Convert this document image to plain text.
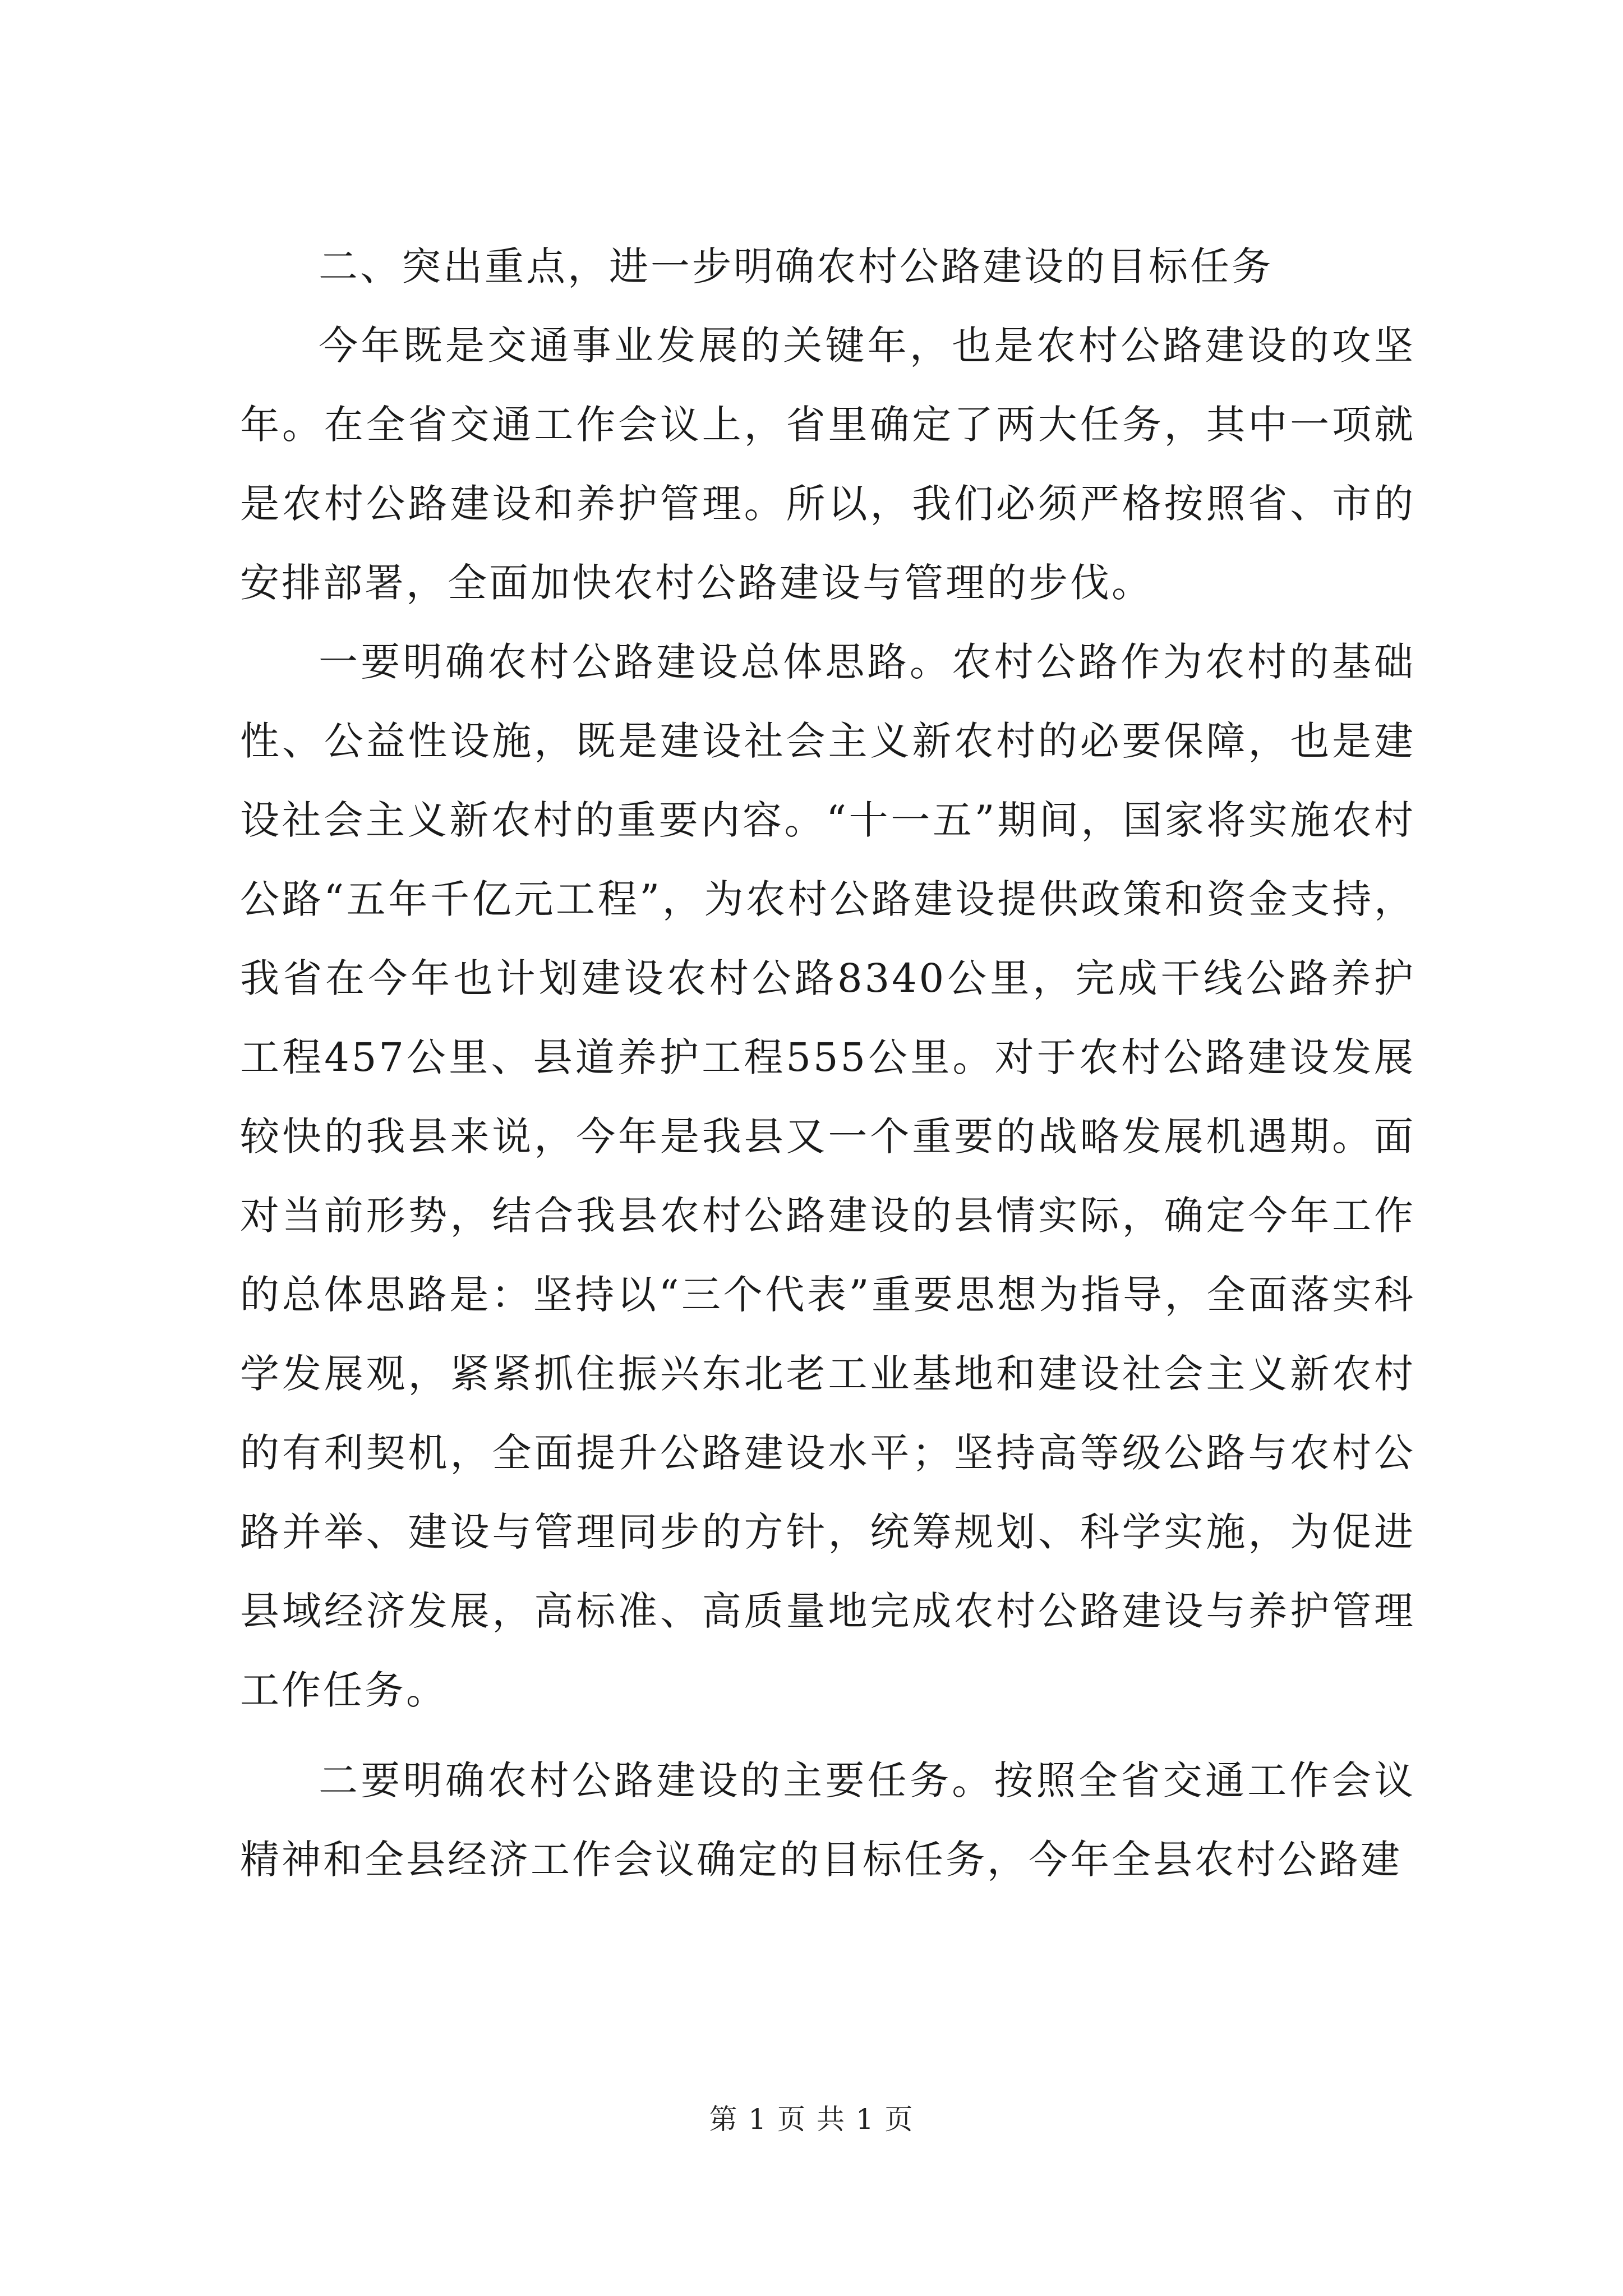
二、突出重点，进一步明确农村公路建设的目标任务

今年既是交通事业发展的关键年，也是农村公路建设的攻坚年。在全省交通工作会议上，省里确定了两大任务，其中一项就是农村公路建设和养护管理。所以，我们必须严格按照省、市的安排部署，全面加快农村公路建设与管理的步伐。

一要明确农村公路建设总体思路。农村公路作为农村的基础性、公益性设施，既是建设社会主义新农村的必要保障，也是建设社会主义新农村的重要内容。“十一五”期间，国家将实施农村公路“五年千亿元工程”，为农村公路建设提供政策和资金支持，我省在今年也计划建设农村公路8340公里，完成干线公路养护工程457公里、县道养护工程555公里。对于农村公路建设发展较快的我县来说，今年是我县又一个重要的战略发展机遇期。面对当前形势，结合我县农村公路建设的县情实际，确定今年工作的总体思路是：坚持以“三个代表”重要思想为指导，全面落实科学发展观，紧紧抓住振兴东北老工业基地和建设社会主义新农村的有利契机，全面提升公路建设水平；坚持高等级公路与农村公路并举、建设与管理同步的方针，统筹规划、科学实施，为促进县域经济发展，高标准、高质量地完成农村公路建设与养护管理工作任务。

二要明确农村公路建设的主要任务。按照全省交通工作会议精神和全县经济工作会议确定的目标任务，今年全县农村公路建

第 1 页 共 1 页
